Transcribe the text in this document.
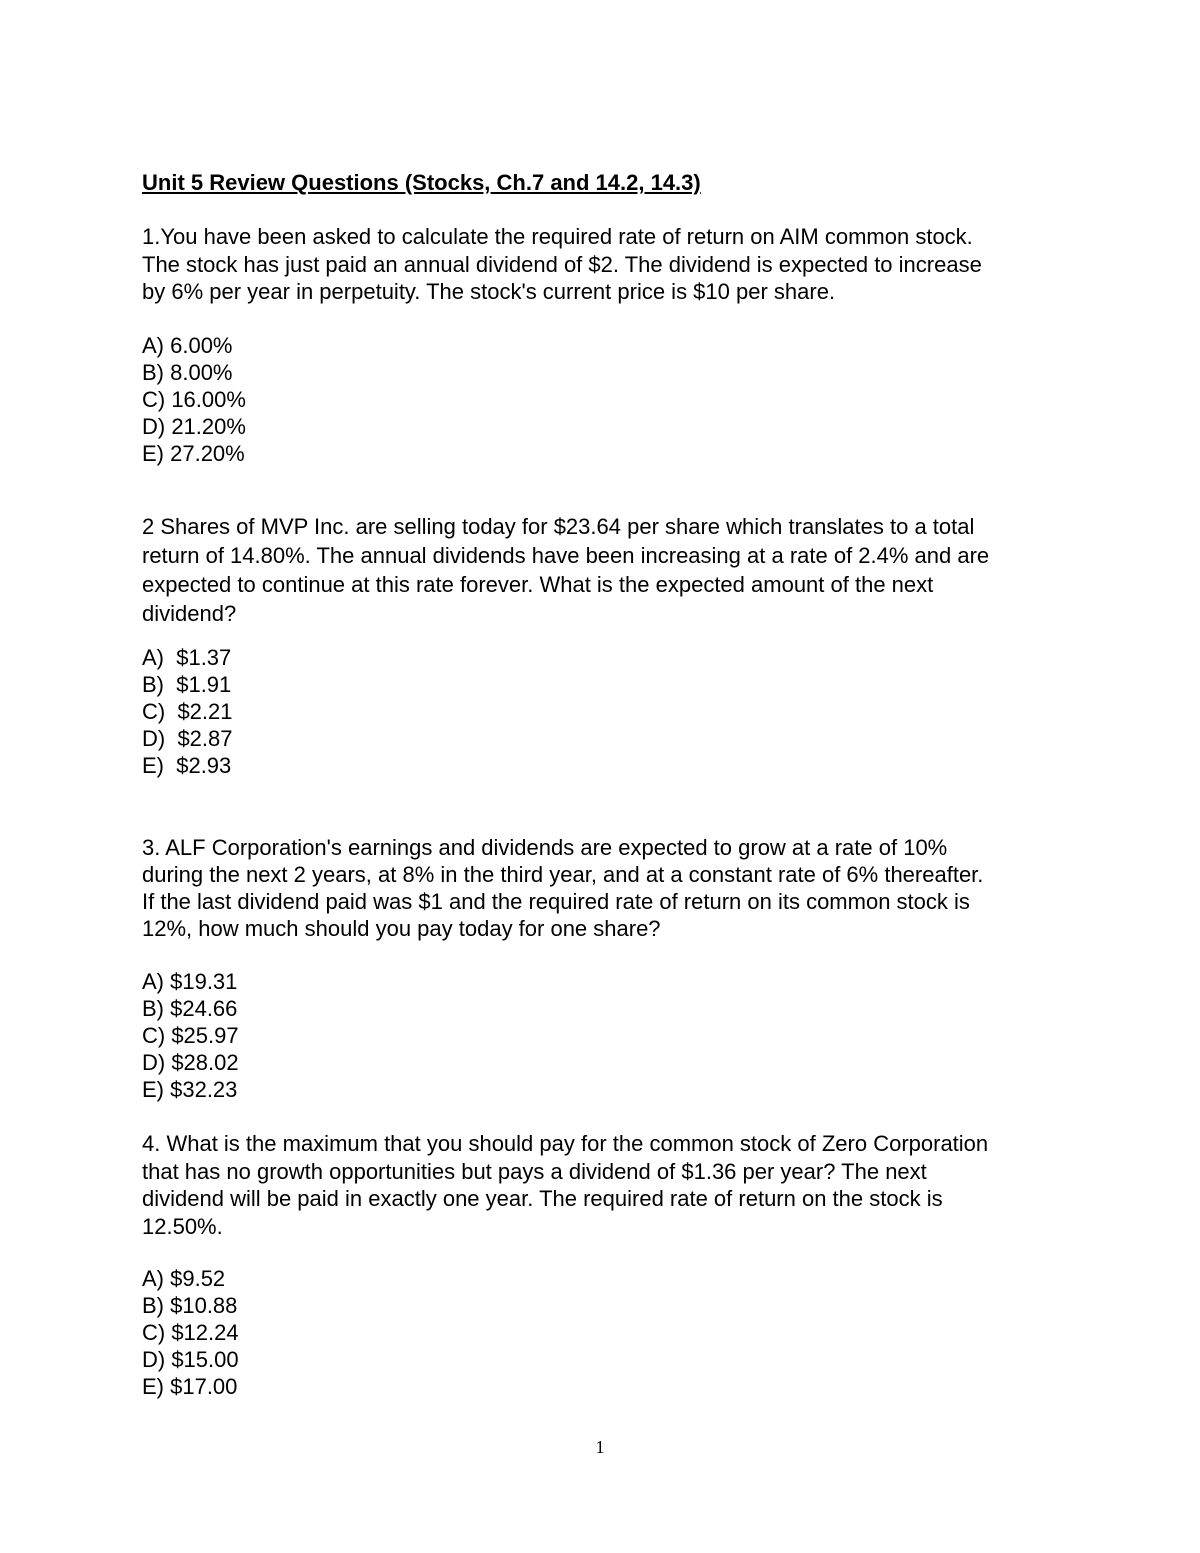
Unit 5 Review Questions (Stocks, Ch.7 and 14.2, 14.3)
1.You have been asked to calculate the required rate of return on AIM common stock.
The stock has just paid an annual dividend of $2. The dividend is expected to increase
by 6% per year in perpetuity. The stock's current price is $10 per share.
A) 6.00%
B) 8.00%
C) 16.00%
D) 21.20%
E) 27.20%
2 Shares of MVP Inc. are selling today for $23.64 per share which translates to a total
return of 14.80%. The annual dividends have been increasing at a rate of 2.4% and are
expected to continue at this rate forever. What is the expected amount of the next
dividend?
A)  $1.37
B)  $1.91
C)  $2.21
D)  $2.87
E)  $2.93
3. ALF Corporation's earnings and dividends are expected to grow at a rate of 10%
during the next 2 years, at 8% in the third year, and at a constant rate of 6% thereafter.
If the last dividend paid was $1 and the required rate of return on its common stock is
12%, how much should you pay today for one share?
A) $19.31
B) $24.66
C) $25.97
D) $28.02
E) $32.23
4. What is the maximum that you should pay for the common stock of Zero Corporation
that has no growth opportunities but pays a dividend of $1.36 per year? The next
dividend will be paid in exactly one year. The required rate of return on the stock is
12.50%.
A) $9.52
B) $10.88
C) $12.24
D) $15.00
E) $17.00
1
